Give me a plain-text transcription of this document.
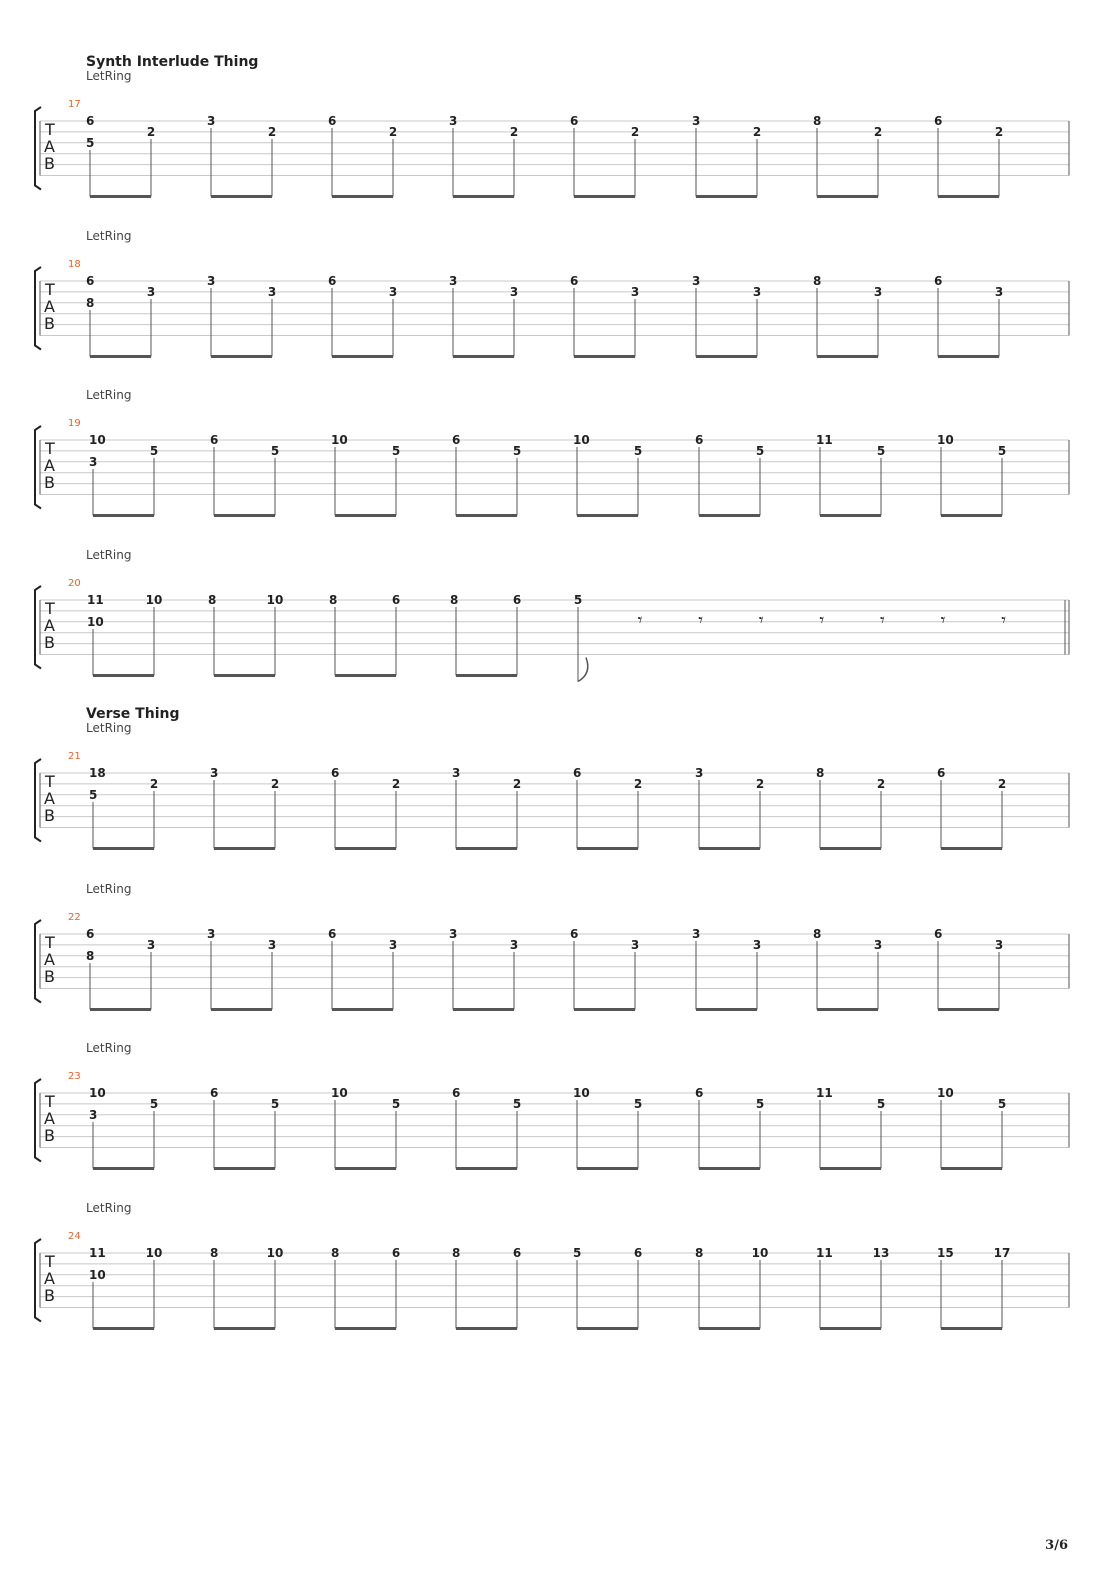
17
T
A
B
6
2
5
3
2
6
2
3
2
6
2
3
2
8
2
6
2
18
T
A
B
6
3
8
3
3
6
3
3
3
6
3
3
3
8
3
6
3
19
T
A
B
10
5
3
6
5
10
5
6
5
10
5
6
5
11
5
10
5
20
T
A
B
11	10
10
8	10	8	6	8	6	5
𝄾	𝄾	𝄾	𝄾	𝄾	𝄾	𝄾
21
T
A
B
18
2
5
3
2
6
2
3
2
6
2
3
2
8
2
6
2
22
T
A
B
6
3
8
3
3
6
3
3
3
6
3
3
3
8
3
6
3
23
T
A
B
10
5
3
6
5
10
5
6
5
10
5
6
5
11
5
10
5
24
T
A
B
11	10
10
8	10	8	6	8	6	5	6	8	10	11	13	15	17
3/6
Synth Interlude Thing
LetRing
LetRing
LetRing
LetRing
Verse Thing
LetRing
LetRing
LetRing
LetRing
